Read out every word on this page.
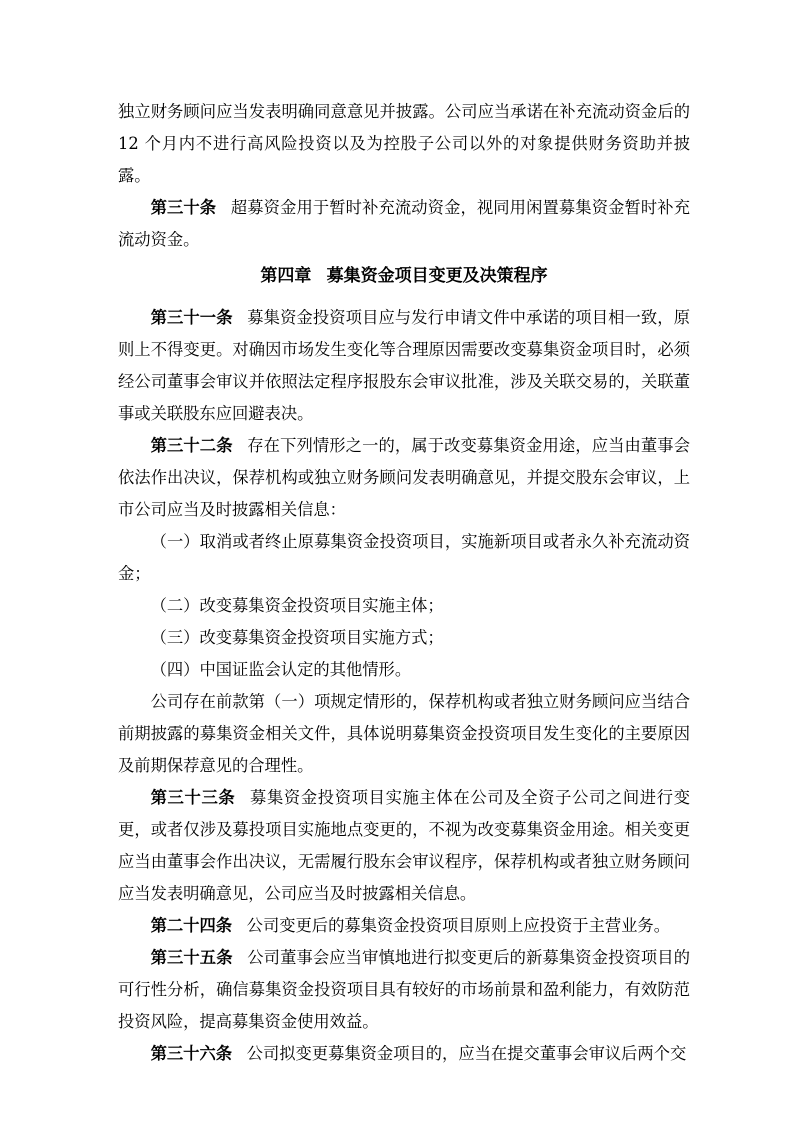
独立财务顾问应当发表明确同意意见并披露。公司应当承诺在补充流动资金后的 12 个月内不进行高风险投资以及为控股子公司以外的对象提供财务资助并披露。

第三十条 超募资金用于暂时补充流动资金，视同用闲置募集资金暂时补充流动资金。

第四章 募集资金项目变更及决策程序

第三十一条 募集资金投资项目应与发行申请文件中承诺的项目相一致，原则上不得变更。对确因市场发生变化等合理原因需要改变募集资金项目时，必须经公司董事会审议并依照法定程序报股东会审议批准，涉及关联交易的，关联董事或关联股东应回避表决。

第三十二条 存在下列情形之一的，属于改变募集资金用途，应当由董事会依法作出决议，保荐机构或独立财务顾问发表明确意见，并提交股东会审议，上市公司应当及时披露相关信息：

（一）取消或者终止原募集资金投资项目，实施新项目或者永久补充流动资金；

（二）改变募集资金投资项目实施主体；

（三）改变募集资金投资项目实施方式；

（四）中国证监会认定的其他情形。

公司存在前款第（一）项规定情形的，保荐机构或者独立财务顾问应当结合前期披露的募集资金相关文件，具体说明募集资金投资项目发生变化的主要原因及前期保荐意见的合理性。

第三十三条 募集资金投资项目实施主体在公司及全资子公司之间进行变更，或者仅涉及募投项目实施地点变更的，不视为改变募集资金用途。相关变更应当由董事会作出决议，无需履行股东会审议程序，保荐机构或者独立财务顾问应当发表明确意见，公司应当及时披露相关信息。

第二十四条 公司变更后的募集资金投资项目原则上应投资于主营业务。

第三十五条 公司董事会应当审慎地进行拟变更后的新募集资金投资项目的可行性分析，确信募集资金投资项目具有较好的市场前景和盈利能力，有效防范投资风险，提高募集资金使用效益。

第三十六条 公司拟变更募集资金项目的，应当在提交董事会审议后两个交
